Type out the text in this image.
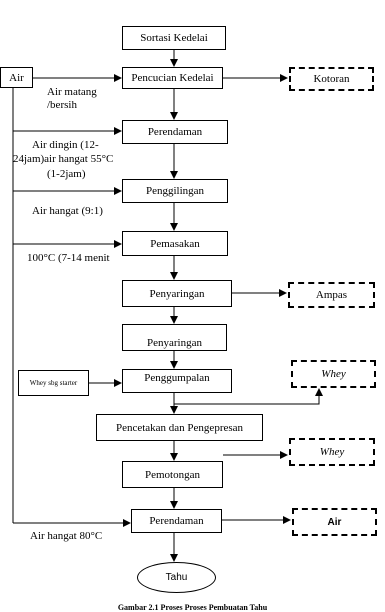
Sortasi Kedelai
Pencucian Kedelai
Perendaman
Penggilingan
Pemasakan
Penyaringan
Penyaringan
Penggumpalan
Pencetakan dan Pengepresan
Pemotongan
Perendaman
Air
Whey sbg starter
Kotoran
Ampas
Whey
Whey
Air
Air matang
/bersih
Air dingin (12-
24jam)air hangat 55°C
(1-2jam)
Air hangat (9:1)
100°C (7-14 menit
Air hangat 80°C
Tahu
Gambar 2.1 Proses Proses Pembuatan Tahu
